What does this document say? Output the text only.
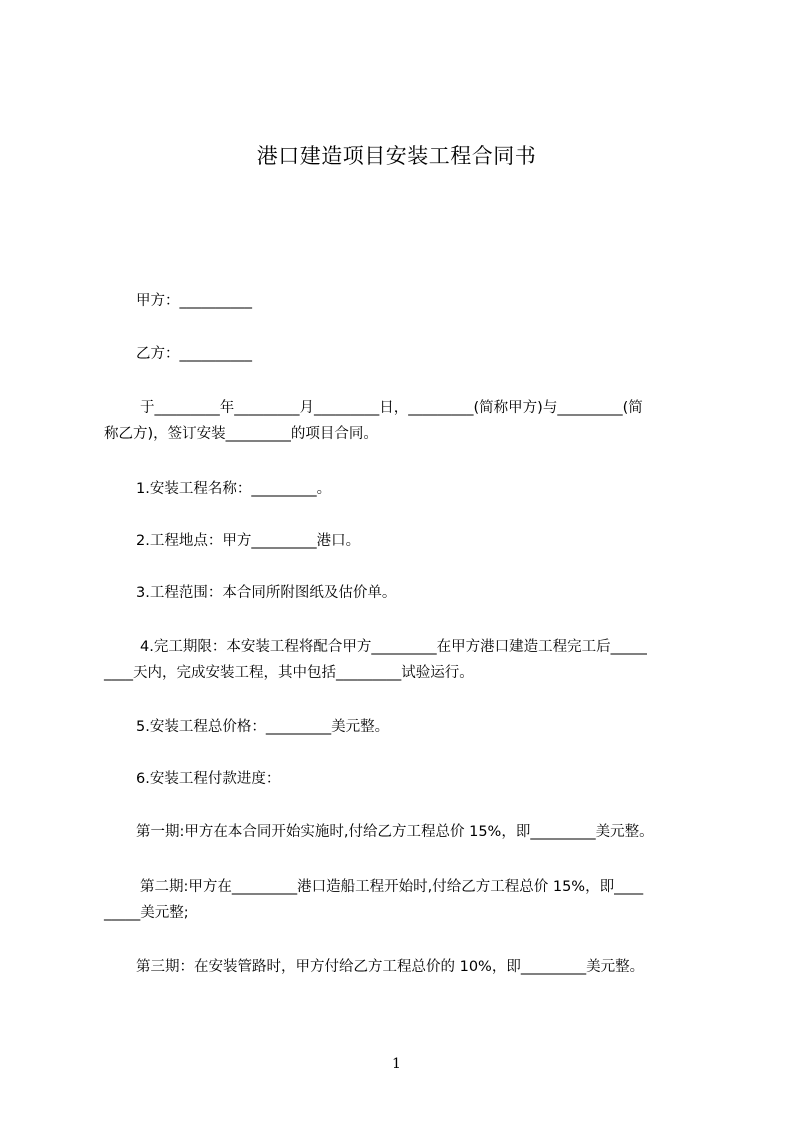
港口建造项目安装工程合同书
甲方：__________
乙方：__________
于_________年_________月_________日，_________(简称甲方)与_________(简
称乙方)，签订安装_________的项目合同。
1.安装工程名称：_________。
2.工程地点：甲方_________港口。
3.工程范围：本合同所附图纸及估价单。
4.完工期限：本安装工程将配合甲方_________在甲方港口建造工程完工后_____
____天内，完成安装工程，其中包括_________试验运行。
5.安装工程总价格：_________美元整。
6.安装工程付款进度：
第一期:甲方在本合同开始实施时,付给乙方工程总价 15%，即_________美元整。
第二期:甲方在_________港口造船工程开始时,付给乙方工程总价 15%，即____
_____美元整;
第三期：在安装管路时，甲方付给乙方工程总价的 10%，即_________美元整。
1
